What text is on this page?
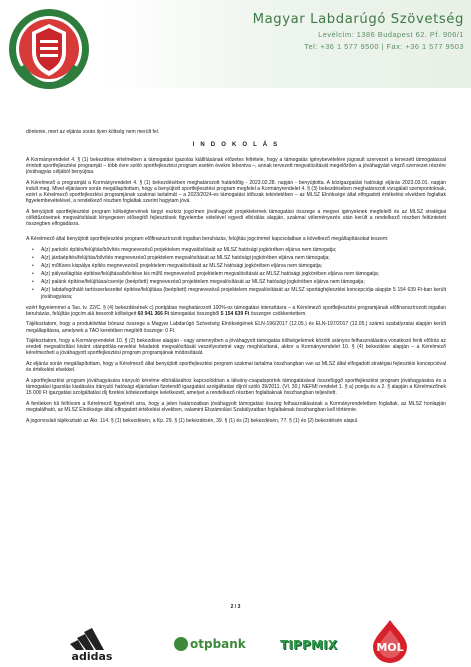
Magyar Labdarúgó Szövetség
Levélcím: 1386 Budapest 62. Pf. 906/1
Tel: +36 1 577 9500 | Fax: +36 1 577 9503

döntenie, mert az eljárás során ilyen költség nem merült fel.

I N D O K O L Á S

A Kormányrendelet 4. § (1) bekezdése értelmében a támogatási igazolás kiállításának előzetes feltétele, hogy a támogatás igénybevételére jogosult szervezet a tervezett támogatással érintett sportfejlesztési programját – több évre szóló sportfejlesztési program esetén évekre lebontva –, annak tervezett megvalósítását megelőzően a jóváhagyást végző szervezet részére jóváhagyás céljából benyújtsa.

A Kérelmező a programját a Kormányrendelet 4. § (1) bekezdésében meghatározott határidőig - 2023.02.28. napján - benyújtotta. A közigazgatási hatósági eljárás 2023.03.01. napján indult meg. Mivel eljárásom során megállapítottam, hogy a benyújtott sportfejlesztési program megfelel a Kormányrendelet 4. § (3) bekezdésében meghatározott vizsgálati szempontoknak, ezért a Kérelmező sportfejlesztési programjának szakmai tartalmát – a 2023/2024-es támogatási időszak tekintetében – az MLSZ Elnöksége által elfogadott értékelési elvekben foglaltak figyelembevételével, a rendelkező részben foglaltak szerint hagytam jóvá.

A benyújtott sportfejlesztési program költségtervének tárgyi eszköz jogcímen jóváhagyott projektelemek támogatási összege a megvei igényeknek megfelelő és az MLSZ stratégiai célkitűzéseinek megvalósítását lényegesen elősegítő fejlesztések figyelembe vételével egyedi elbírálás alapján, szakmai véleményezés után került a rendelkező részben feltüntetett összegben elfogadásra.

A Kérelmező által benyújtott sportfejlesztési program előfinanszírozott ingatlan beruházás, felújítás jogcímmel kapcsolatban a következő megállapításokat teszem:

• A(z) parkoló építés/felújítás/bővítés megnevezésű projektelem megvalósítását az MLSZ hatósági jogkörében eljárva nem támogatja;
• A(z) járdaépítés/felújítás/bővítés megnevezésű projektelem megvalósítását az MLSZ hatósági jogkörében eljárva nem támogatja;
• A(z) műfüves kispálya építés megnevezésű projektelem megvalósítását az MLSZ hatósági jogkörében eljárva nem támogatja;
• A(z) pályavilágítás építése/felújítása/bővítése kis műfű megnevezésű projektelem megvalósítását az MLSZ hatósági jogkörében eljárva nem támogatja;
• A(z) palánk építése/felújítása/cseréje (beépített) megnevezésű projektelem megvalósítását az MLSZ hatósági jogkörében eljárva nem támogatja;
• A(z) labdafogóháló tartószerkezettel építése/felújítása (beépített) megnevezésű projektelem megvalósítását az MLSZ sportágfejlesztési koncepciója alapján 5 154 639 Ft-ban került jóváhagyásra;

ezért figyelemmel a Tao. tv. 22/C. § (4) bekezdésének c) pontjában meghatározott 100%-os támogatási intenzitásra – a Kérelmező sportfejlesztési programjának előfinanszírozott ingatlan beruházás, felújítás jogcím alá besorolt költségeit 60 941 366 Ft támogatási összegből 5 154 639 Ft összegre csökkentettem.

Tájékoztatom, hogy a produktivitási bónusz összege a Magyar Labdarúgó Szövetség Elnökségének ELN-196/2017 (12.05.) és ELN-197/2017 (12.05.) számú szabályzatai alapján került megállapításra, amelynek a TAO keretében megítélt összege: 0 Ft.

Tájékoztatom, hogy a Kormányrendelet 10. § (2) bekezdése alapján - vagy amennyiben a jóváhagyott támogatás költségelemek közötti arányos felhasználására vonatkozó fenti előírás az eredeti megvalósítási kivánt utánpótlás-nevelési feladatok megvalósítását veszélyeztetné vagy meghiúsítaná, akkor a Kormányrendelet 10. § (4) bekezdése alapján – a Kérelmező kérelmezheti a jóváhagyott sportfejlesztési program programjának módosítását.

Az eljárás során megállapítottam, hogy a Kérelmező által benyújtott sportfejlesztési program szakmai tartalma összhangban van az MLSZ által elfogadott stratégiai fejlesztési koncepcióval és értékelési elvekkel.

A sportfejlesztési program jóváhagyására irányuló kérelme elbírálásához kapcsolódóan a látvány-csapatsportok támogatásával összefüggő sportfejlesztési program jóváhagyására és a támogatási igazolás kiadására irányuló hatósági eljárásban fizetendő igazgatási szolgáltatási díjról szóló 39/2011. (VI. 30.) NEFMI rendelet 1. § a) pontja és a 2. § alapján a Kérelmezőnek 15 000 Ft igazgatási szolgáltatási díj fizetési kötelezettsége keletkezett, amelyet a rendelkező részben foglaltaknak összhangban teljesített.

A fentieken túl felhívom a Kérelmező figyelmét arra, hogy a jelen határozatban jóváhagyott támogatási összeg felhasználásának a Kormányrendeletben foglaltak, az MLSZ honlapján megtalálható, az MLSZ Elnöksége által elfogadott értékelési elvekben, valamint Elszámolási Szabályzatban foglaltaknak összhangban kell történnie.

A jogorvoslati tájékoztató az Ákr. 114. § (1) bekezdésén, a Kp. 29. § (1) bekezdésén, 39. § (1) és (2) bekezdésén, 77. § (1) és (2) bekezdésén alapul.

2 / 3
adidas
otpbank	TIPPMIX	MOL
